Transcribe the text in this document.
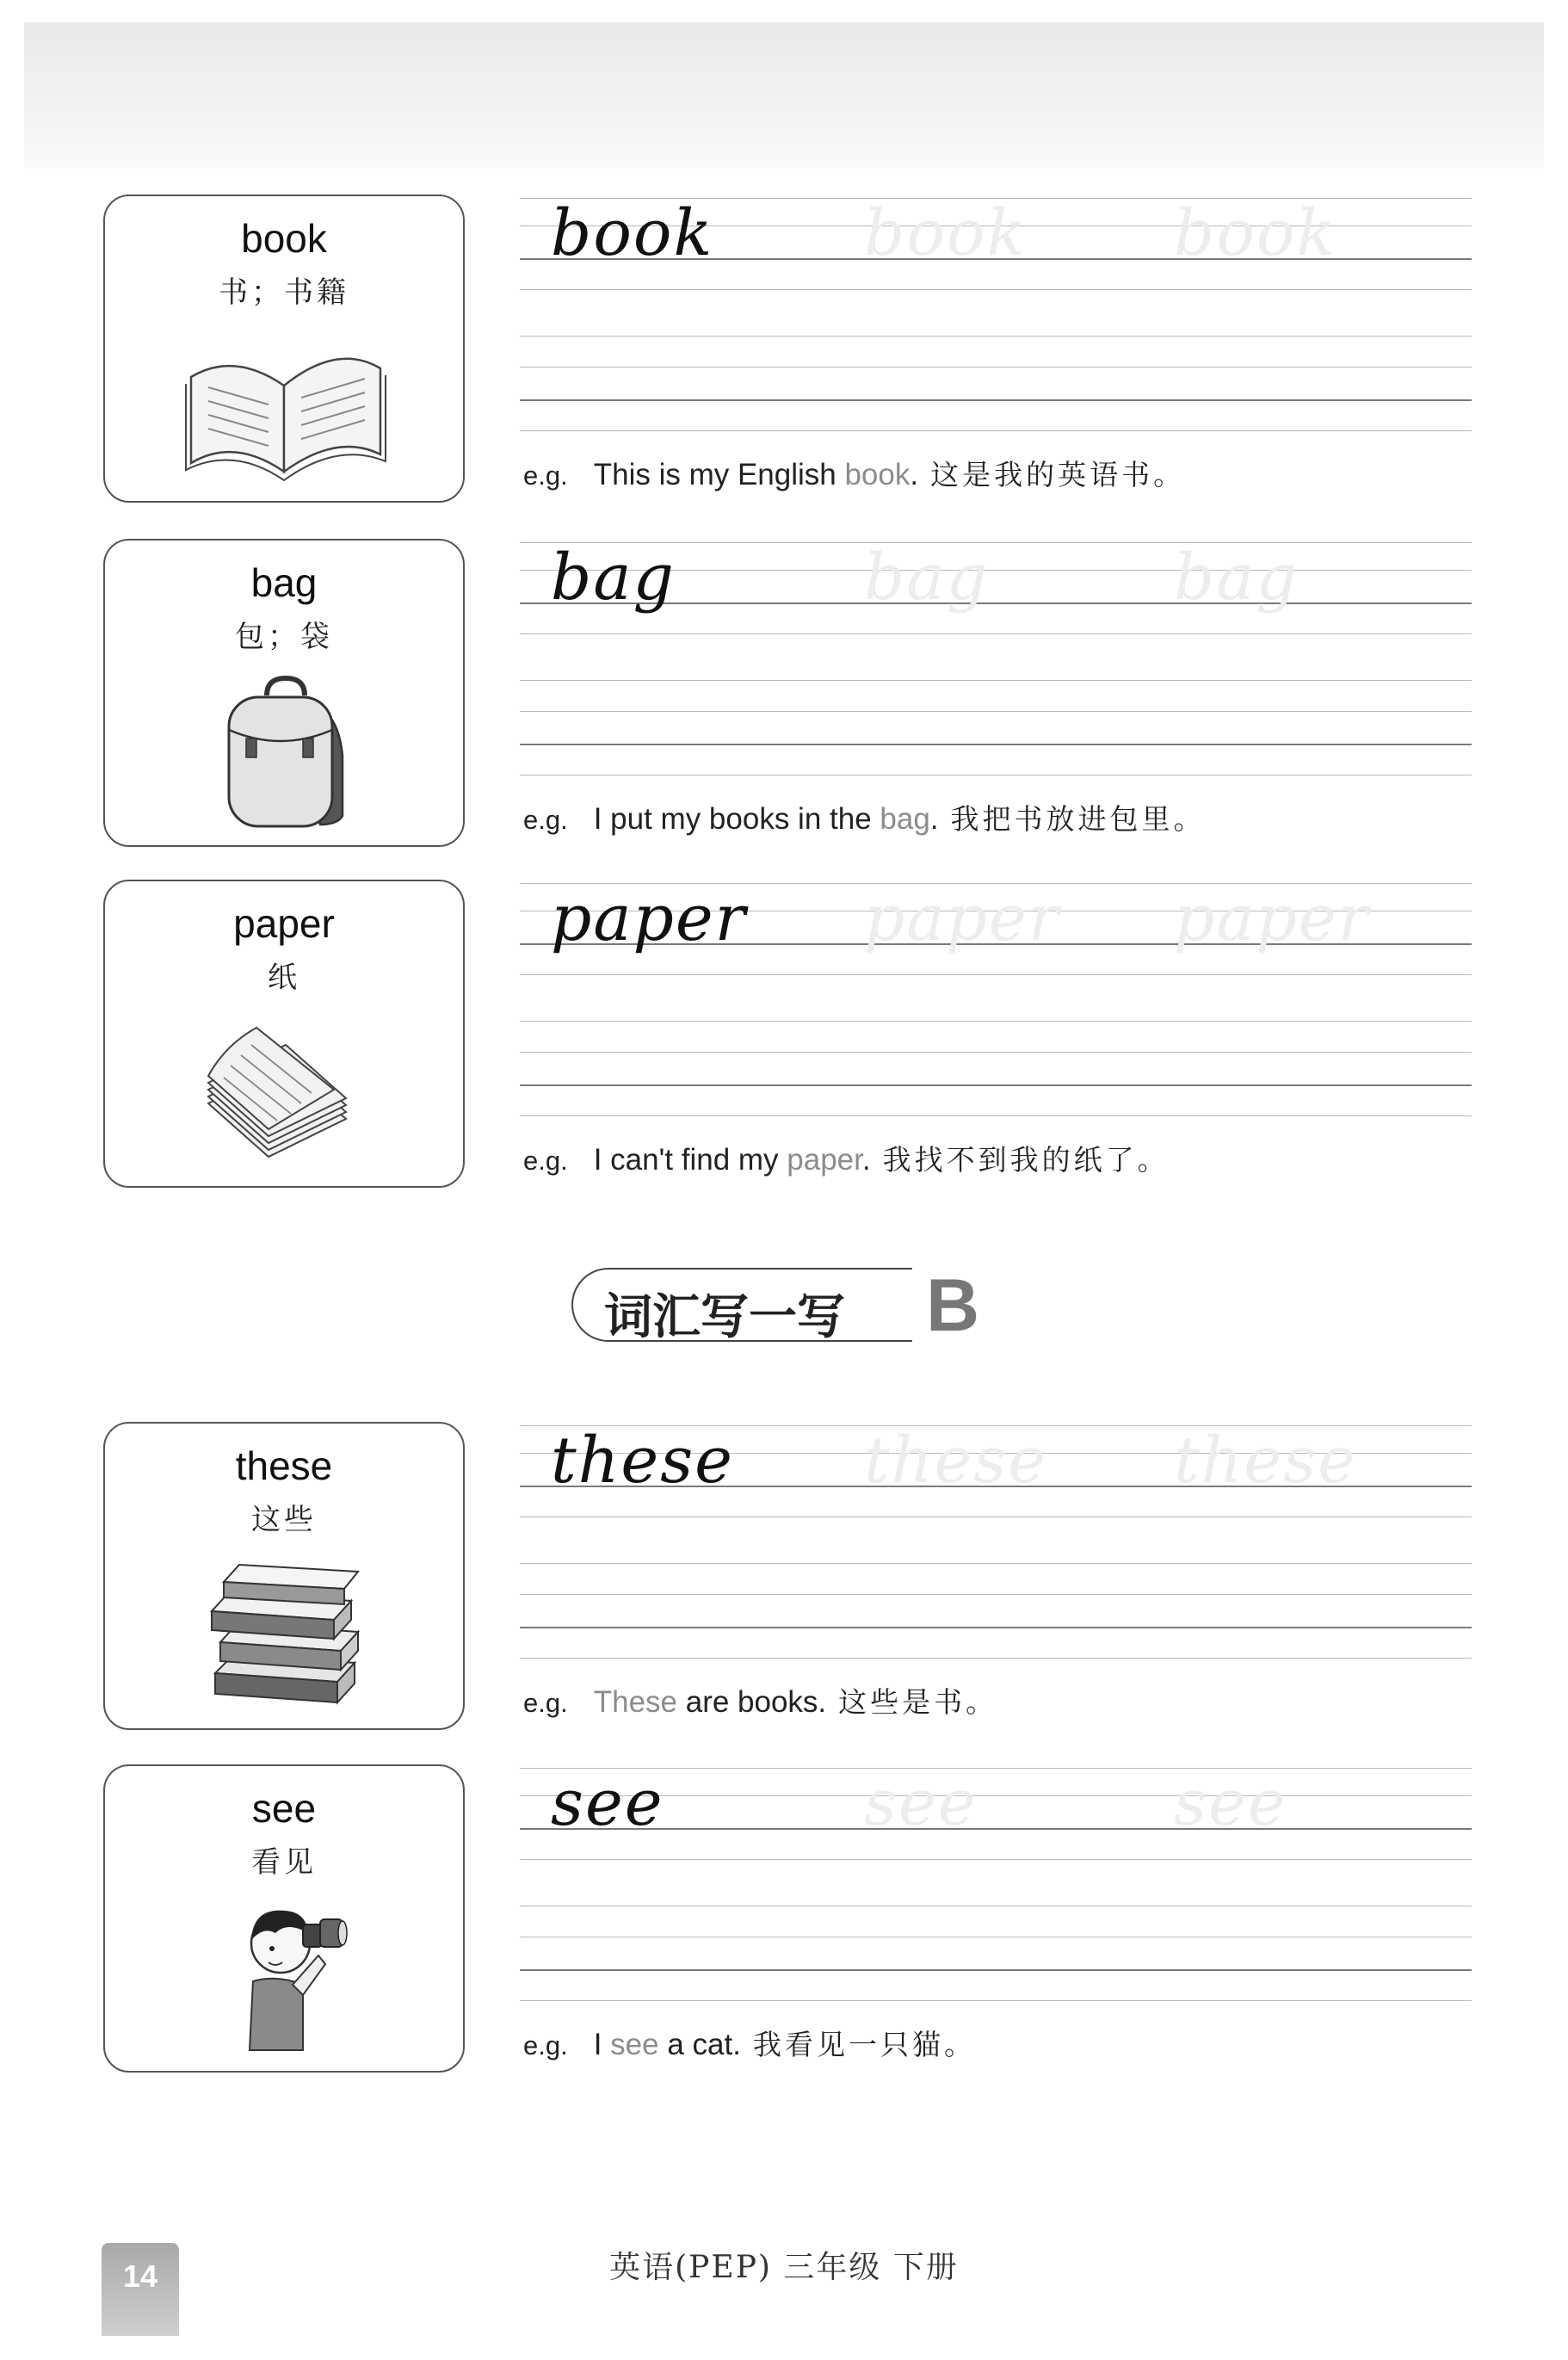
book
书；书籍
book book book
e.g. This is my English book. 这是我的英语书。
bag
包；袋
bag	bag	bag
e.g. I put my books in the bag. 我把书放进包里。
paper
纸
paper paper paper
e.g. I can't find my paper. 我找不到我的纸了。
词汇写一写 B
these
这些
these these these
e.g. These are books. 这些是书。
see
看见
see	see	see
e.g. I see a cat. 我看见一只猫。
英语(PEP) 三年级 下册
14
